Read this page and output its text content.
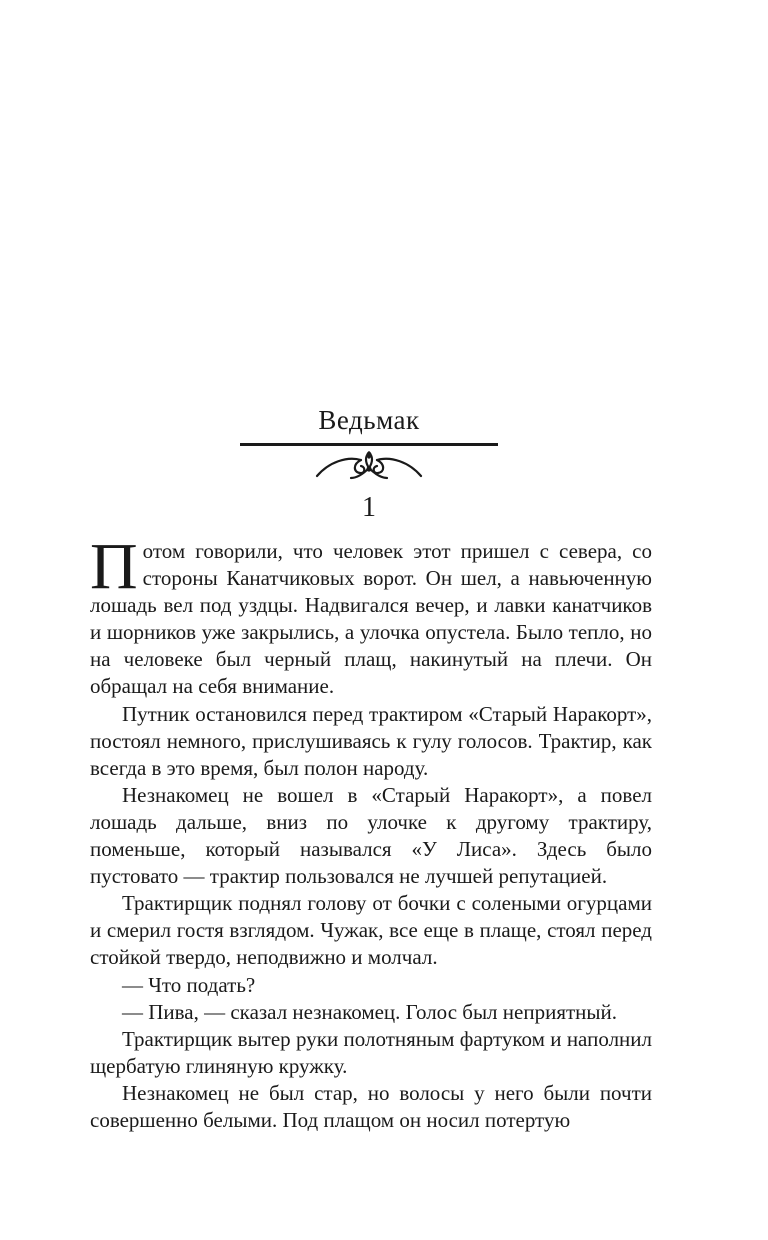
Ведьмак
1

Потом говорили, что человек этот пришел с севера, со стороны Канатчиковых ворот. Он шел, а навьюченную лошадь вел под уздцы. Надвигался вечер, и лавки канатчиков и шорников уже закрылись, а улочка опустела. Было тепло, но на человеке был черный плащ, накинутый на плечи. Он обращал на себя внимание.

Путник остановился перед трактиром «Старый Наракорт», постоял немного, прислушиваясь к гулу голосов. Трактир, как всегда в это время, был полон народу.

Незнакомец не вошел в «Старый Наракорт», а повел лошадь дальше, вниз по улочке к другому трактиру, поменьше, который назывался «У Лиса». Здесь было пустовато — трактир пользовался не лучшей репутацией.

Трактирщик поднял голову от бочки с солеными огурцами и смерил гостя взглядом. Чужак, все еще в плаще, стоял перед стойкой твердо, неподвижно и молчал.

— Что подать?

— Пива, — сказал незнакомец. Голос был неприятный.

Трактирщик вытер руки полотняным фартуком и наполнил щербатую глиняную кружку.

Незнакомец не был стар, но волосы у него были почти совершенно белыми. Под плащом он носил потертую
